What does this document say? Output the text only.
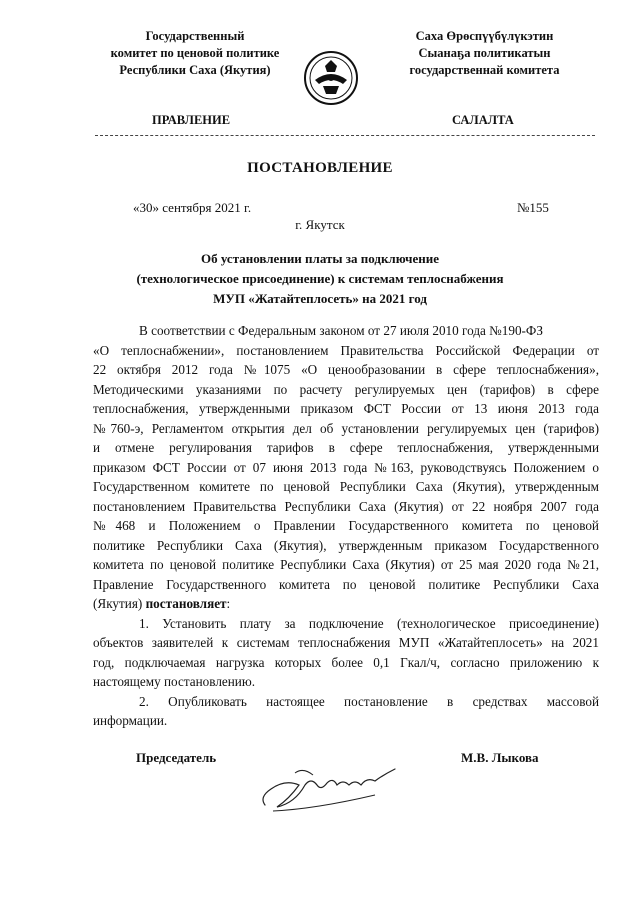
Государственный
комитет по ценовой политике
Республики Саха (Якутия)
Саха Өрөспүүбүлүкэтин
Сыанаҕа политикатын
государственнай комитета
ПРАВЛЕНИЕ	САЛАЛТА
ПОСТАНОВЛЕНИЕ
«30» сентября 2021 г.	№155
г. Якутск
Об установлении платы за подключение
(технологическое присоединение) к системам теплоснабжения
МУП «Жатайтеплосеть» на 2021 год
В соответствии с Федеральным законом от 27 июля 2010 года №190-ФЗ
«О теплоснабжении», постановлением Правительства Российской Федерации от
22 октября 2012 года №1075 «О ценообразовании в сфере теплоснабжения»,
Методическими указаниями по расчету регулируемых цен (тарифов) в сфере
теплоснабжения, утвержденными приказом ФСТ России от 13 июня 2013 года
№760-э, Регламентом открытия дел об установлении регулируемых цен (тарифов)
и отмене регулирования тарифов в сфере теплоснабжения, утвержденными
приказом ФСТ России от 07 июня 2013 года №163, руководствуясь Положением о
Государственном комитете по ценовой Республики Саха (Якутия), утвержденным
постановлением Правительства Республики Саха (Якутия) от 22 ноября 2007 года
№468 и Положением о Правлении Государственного комитета по ценовой
политике Республики Саха (Якутия), утвержденным приказом Государственного
комитета по ценовой политике Республики Саха (Якутия) от 25 мая 2020 года №21,
Правление Государственного комитета по ценовой политике Республики Саха
(Якутия) постановляет:
1. Установить плату за подключение (технологическое присоединение)
объектов заявителей к системам теплоснабжения МУП «Жатайтеплосеть» на 2021
год, подключаемая нагрузка которых более 0,1 Гкал/ч, согласно приложению к
настоящему постановлению.
2. Опубликовать настоящее постановление в средствах массовой
информации.
Председатель	М.В. Лыкова
